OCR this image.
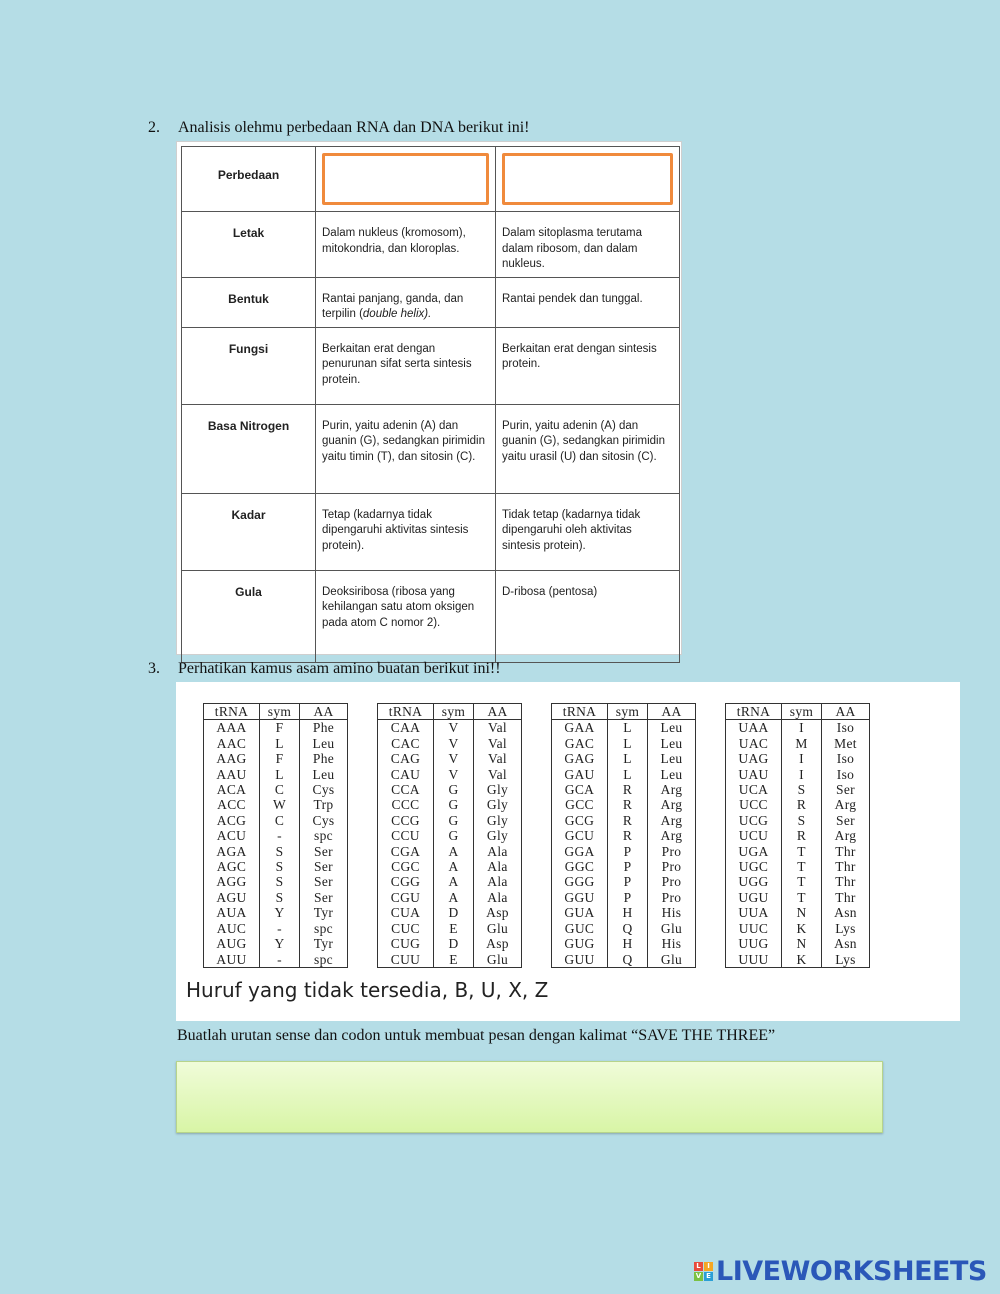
2. Analisis olehmu perbedaan RNA dan DNA berikut ini!
Perbedaan	

Letak	Dalam nukleus (kromosom), mitokondria, dan kloroplas.	Dalam sitoplasma terutama dalam ribosom, dan dalam nukleus.
Bentuk	Rantai panjang, ganda, dan terpilin (double helix).	Rantai pendek dan tunggal.
Fungsi	Berkaitan erat dengan penurunan sifat serta sintesis protein.	Berkaitan erat dengan sintesis protein.
Basa Nitrogen	Purin, yaitu adenin (A) dan guanin (G), sedangkan pirimidin yaitu timin (T), dan sitosin (C).	Purin, yaitu adenin (A) dan guanin (G), sedangkan pirimidin yaitu urasil (U) dan sitosin (C).
Kadar	Tetap (kadarnya tidak dipengaruhi aktivitas sintesis protein).	Tidak tetap (kadarnya tidak dipengaruhi oleh aktivitas sintesis protein).
Gula	Deoksiribosa (ribosa yang kehilangan satu atom oksigen pada atom C nomor 2).	D-ribosa (pentosa)
3. Perhatikan kamus asam amino buatan berikut ini!!
tRNA	sym	AA
AAA	F	Phe
AAC	L	Leu
AAG	F	Phe
AAU	L	Leu
ACA	C	Cys
ACC	W	Trp
ACG	C	Cys
ACU	-	spc
AGA	S	Ser
AGC	S	Ser
AGG	S	Ser
AGU	S	Ser
AUA	Y	Tyr
AUC	-	spc
AUG	Y	Tyr
AUU	-	spc
tRNA	sym	AA
CAA	V	Val
CAC	V	Val
CAG	V	Val
CAU	V	Val
CCA	G	Gly
CCC	G	Gly
CCG	G	Gly
CCU	G	Gly
CGA	A	Ala
CGC	A	Ala
CGG	A	Ala
CGU	A	Ala
CUA	D	Asp
CUC	E	Glu
CUG	D	Asp
CUU	E	Glu
tRNA	sym	AA
GAA	L	Leu
GAC	L	Leu
GAG	L	Leu
GAU	L	Leu
GCA	R	Arg
GCC	R	Arg
GCG	R	Arg
GCU	R	Arg
GGA	P	Pro
GGC	P	Pro
GGG	P	Pro
GGU	P	Pro
GUA	H	His
GUC	Q	Glu
GUG	H	His
GUU	Q	Glu
tRNA	sym	AA
UAA	I	Iso
UAC	M	Met
UAG	I	Iso
UAU	I	Iso
UCA	S	Ser
UCC	R	Arg
UCG	S	Ser
UCU	R	Arg
UGA	T	Thr
UGC	T	Thr
UGG	T	Thr
UGU	T	Thr
UUA	N	Asn
UUC	K	Lys
UUG	N	Asn
UUU	K	Lys
Huruf yang tidak tersedia, B, U, X, Z
Buatlah urutan sense dan codon untuk membuat pesan dengan kalimat “SAVE THE THREE”
L I
V E LIVEWORKSHEETS
